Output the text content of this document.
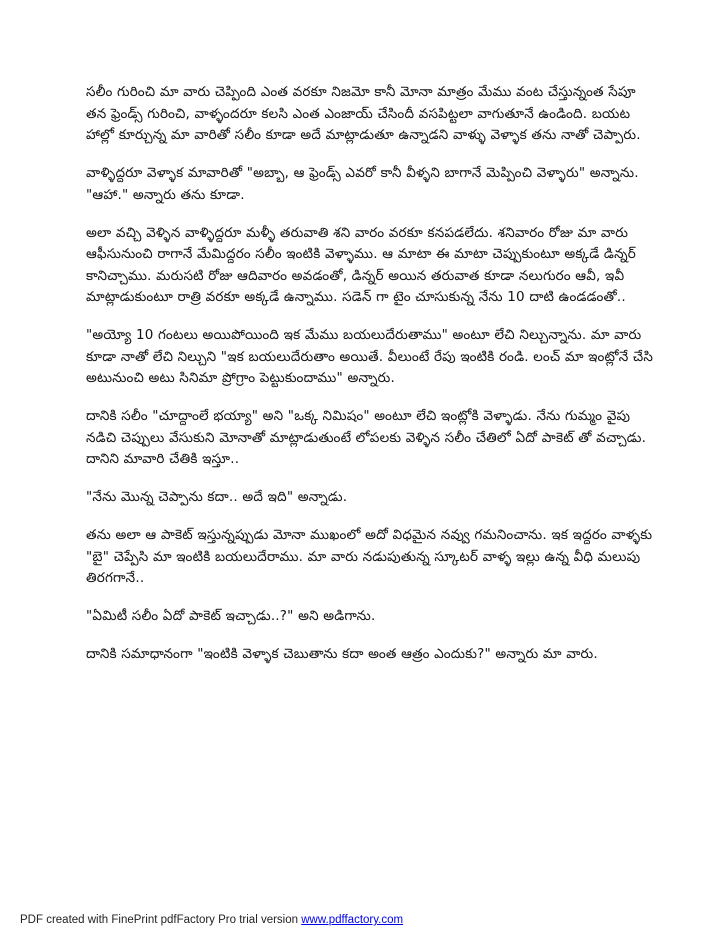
సలీం గురించి మా వారు చెప్పింది ఎంత వరకూ నిజమో కానీ మోనా మాత్రం మేము వంట చేస్తున్నంత సేపూ తన ఫ్రెండ్స్ గురించి, వాళ్ళందరూ కలసి ఎంత ఎంజాయ్ చేసిందీ వసపిట్టలా వాగుతూనే ఉండింది. బయట హాల్లో కూర్చున్న మా వారితో సలీం కూడా అదే మాట్లాడుతూ ఉన్నాడని వాళ్ళు వెళ్ళాక తను నాతో చెప్పారు.

వాళ్ళిద్దరూ వెళ్ళాక మావారితో "అబ్బా, ఆ ఫ్రెండ్స్ ఎవరో కానీ వీళ్ళని బాగానే మెప్పించి వెళ్ళారు" అన్నాను. "ఆహా." అన్నారు తను కూడా.

అలా వచ్చి వెళ్ళిన వాళ్ళిద్దరూ మళ్ళీ తరువాతి శని వారం వరకూ కనపడలేదు. శనివారం రోజు మా వారు ఆఫీసునుంచి రాగానే మేమిద్దరం సలీం ఇంటికి వెళ్ళాము. ఆ మాటా ఈ మాటా చెప్పుకుంటూ అక్కడే డిన్నర్ కానిచ్చాము. మరుసటి రోజు ఆదివారం అవడంతో, డిన్నర్ అయిన తరువాత కూడా నలుగురం ఆవీ, ఇవీ మాట్లాడుకుంటూ రాత్రి వరకూ అక్కడే ఉన్నాము. సడెన్ గా టైం చూసుకున్న నేను 10 దాటి ఉండడంతో..

"అయ్యో 10 గంటలు అయిపోయింది ఇక మేము బయలుదేరుతాము" అంటూ లేచి నిల్చున్నాను. మా వారు కూడా నాతో లేచి నిల్చుని "ఇక బయలుదేరుతాం అయితే. వీలుంటే రేపు ఇంటికి రండి. లంచ్ మా ఇంట్లోనే చేసి అటునుంచి అటు సినిమా ప్రోగ్రాం పెట్టుకుందాము" అన్నారు.

దానికి సలీం "చూద్దాంలే భయ్యా" అని "ఒక్క నిమిషం" అంటూ లేచి ఇంట్లోకి వెళ్ళాడు. నేను గుమ్మం వైపు నడిచి చెప్పులు వేసుకుని మోనాతో మాట్లాడుతుంటే లోపలకు వెళ్ళిన సలీం చేతిలో ఏదో పాకెట్ తో వచ్చాడు. దానిని మావారి చేతికి ఇస్తూ..

"నేను మొన్న చెప్పాను కదా.. అదే ఇది" అన్నాడు.

తను అలా ఆ పాకెట్ ఇస్తున్నప్పుడు మోనా ముఖంలో అదో విధమైన నవ్వు గమనించాను. ఇక ఇద్దరం వాళ్ళకు "బై" చెప్పేసి మా ఇంటికి బయలుదేరాము. మా వారు నడుపుతున్న స్కూటర్ వాళ్ళ ఇల్లు ఉన్న వీధి మలుపు తిరగగానే..

"ఏమిటీ సలీం ఏదో పాకెట్ ఇచ్చాడు..?" అని అడిగాను.

దానికి సమాధానంగా "ఇంటికి వెళ్ళాక చెబుతాను కదా అంత ఆత్రం ఎందుకు?" అన్నారు మా వారు.

PDF created with FinePrint pdfFactory Pro trial version www.pdffactory.com
